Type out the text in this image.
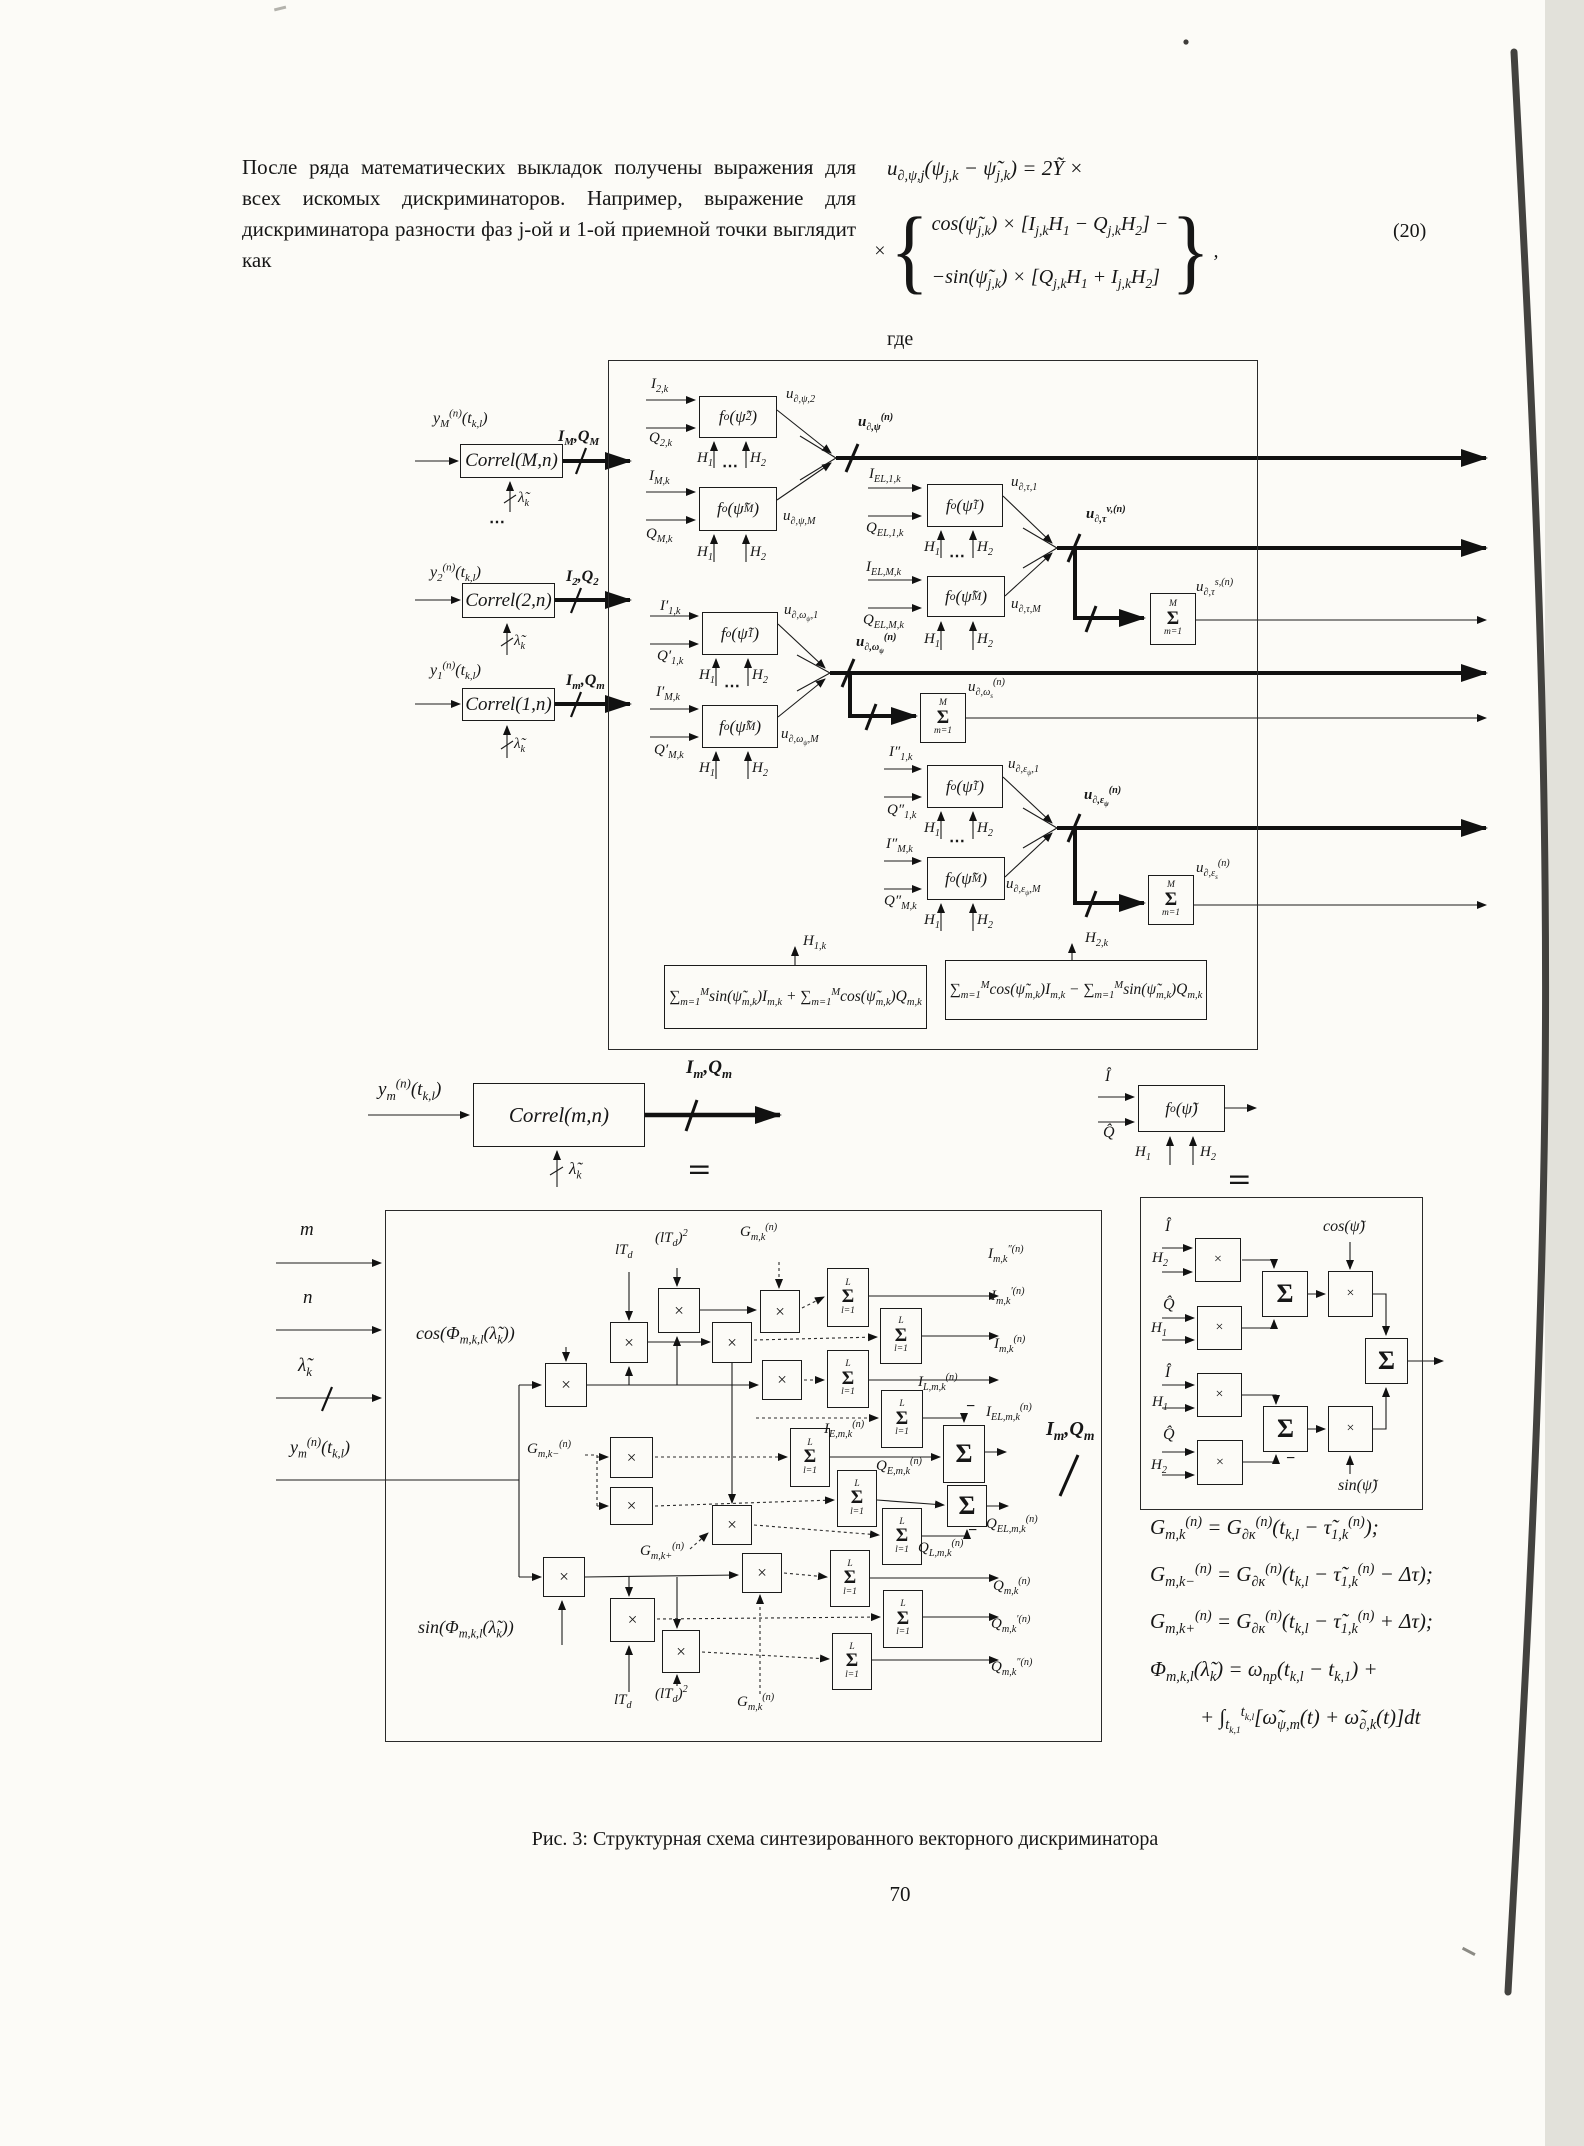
После ряда математических выкладок получены выражения для всех искомых дискриминаторов. Например, выражение для дискриминатора разности фаз j-ой и 1-ой приемной точки выглядит как
$u_{\partial,\psi,j}(\psi_{j,k}$ − $\psĩ_{j,k}$) = 2Ỹ ×
× { $\cos(\psĩ_{j,k}) \times [I_{j,k}H_1 - Q_{j,k}H_2]$ −
$-\sin(\psĩ_{j,k}) \times [Q_{j,k}H_1 + I_{j,k}H_2]$ } ,
(20)
где
$y_M^{(n)}(t_{k,l})$
Correl(M,n)
$I_M,Q_M$
$\lambdã_k$
⋯
$y_2^{(n)}(t_{k,l})$
Correl(2,n)
$I_2,Q_2$
$\lambdã_k$
$y_1^{(n)}(t_{k,l})$
Correl(1,n)
$I_m,Q_m$
$\lambdã_k$
$I_{2,k}$
$Q_{2,k}$
f o (ψ̃ 2 )
$H_1$ $H_2$
$u_{\partial,\psi,2}$
⋯
$I_{M,k}$
$Q_{M,k}$
f o (ψ̃ M )
$H_1$ $H_2$
$u_{\partial,\psi,M}$
$u_{\partial,\psi}^{(n)}$
$I_{EL,1,k}$
$Q_{EL,1,k}$
f o (ψ̃ 1 )
$H_1$ $H_2$
$u_{\partial,\tau,1}$
⋯
$I_{EL,M,k}$
$Q_{EL,M,k}$
f o (ψ̃ M )
$H_1$ $H_2$
$u_{\partial,\tau,M}$
$u_{\partial,\tau}^{v,(n)}$
M
Σ
m=1
$u_{\partial,\tau}^{s,(n)}$
$I'_{1,k}$
$Q'_{1,k}$
f o (ψ̃ 1 )
$H_1$ $H_2$
$u_{\partial,\omega_\psi,1}$
⋯
$I'_{M,k}$
$Q'_{M,k}$
f o (ψ̃ M )
$H_1$ $H_2$
$u_{\partial,\omega_\psi,M}$
$u_{\partial,\omega_\psi}^{(n)}$
M
Σ
m=1
$u_{\partial,\omega_s}^{(n)}$
$I''_{1,k}$
$Q''_{1,k}$
f o (ψ̃ 1 )
$H_1$ $H_2$
$u_{\partial,\varepsilon_\psi,1}$
⋯
$I''_{M,k}$
$Q''_{M,k}$
f o (ψ̃ M )
$H_1$ $H_2$
$u_{\partial,\varepsilon_\psi,M}$
$u_{\partial,\varepsilon_\psi}^{(n)}$
M
Σ
m=1
$u_{\partial,\varepsilon_s}^{(n)}$
$H_{1,k}$
$\sum_{m=1}^M\sin(\psĩ_{m,k})I_{m,k}$ + $\sum_{m=1}^M\cos(\psĩ_{m,k})Q_{m,k}$
$H_{2,k}$
$\sum_{m=1}^M\cos(\psĩ_{m,k})I_{m,k}$ − $\sum_{m=1}^M\sin(\psĩ_{m,k})Q_{m,k}$
$y_m^{(n)}(t_{k,l})$
Correl(m,n)
$I_m,Q_m$
$\lambdã_k$	=
Î
Q̂
f o (ψ̃)
$H_1$	$H_2$
=
m
n
$\lambdã_k$
$y_m^{(n)}(t_{k,l})$
$\cos(\Phi_{m,k,l}(\lambdã_k))$
$\sin(\Phi_{m,k,l}(\lambdã_k))$
$lT_d$
$(lT_d)^2$	$G_{m,k}^{(n)}$
$G_{m,k-}^{(n)}$
$G_{m,k+}^{(n)}$
$lT_d$
$(lT_d)^2$
$G_{m,k}^{(n)}$
×
×
×	×
×
×
×
×
×
×
×
×
×
L
Σ
l=1
L
Σ
l=1
L
Σ
l=1
L
Σ
l=1
L
Σ
l=1
Σ
L
Σ
l=1	Σ
L
Σ
l=1
L
Σ
l=1
L
Σ
l=1
L
Σ
l=1
$I_{m,k}^{''(n)}$
$I_{m,k}^{'(n)}$
$I_{m,k}^{(n)}$
$I_{L,m,k}^{(n)}$
$I_{E,m,k}^{(n)}$
$I_{EL,m,k}^{(n)}$
$Q_{E,m,k}^{(n)}$
$Q_{EL,m,k}^{(n)}$
$Q_{L,m,k}^{(n)}$
$Q_{m,k}^{(n)}$
$Q_{m,k}^{'(n)}$
$Q_{m,k}^{''(n)}$
−
−
$I_m,Q_m$
Î
$H_2$	×
Q̂
$H_1$	×
Σ
cos(ψ̃)
×
Σ
Î
$H_1$
×
Q̂
$H_2$
×
Σ
−
×
sin(ψ̃)
$G_{m,k}^{(n)} = G_{\partial к}^{(n)}(t_{k,l}$ − $\taũ_{1,k}^{(n)}$);
$G_{m,k-}^{(n)} = G_{\partial к}^{(n)}(t_{k,l}$ − $\taũ_{1,k}^{(n)} - \Delta\tau$);
$G_{m,k+}^{(n)} = G_{\partial к}^{(n)}(t_{k,l}$ − $\taũ_{1,k}^{(n)} + \Delta\tau$);
$\Phi_{m,k,l}(\lambdã_k) = \omega_{пр}(t_{k,l} - t_{k,1})$ +
+ $\int_{t_{k,1}}^{t_{k,l}}[\omegã_{\psi,m}(t)$ + $\omegã_{\partial,k}(t)]dt$
Рис. 3: Структурная схема синтезированного векторного дискриминатора
70
